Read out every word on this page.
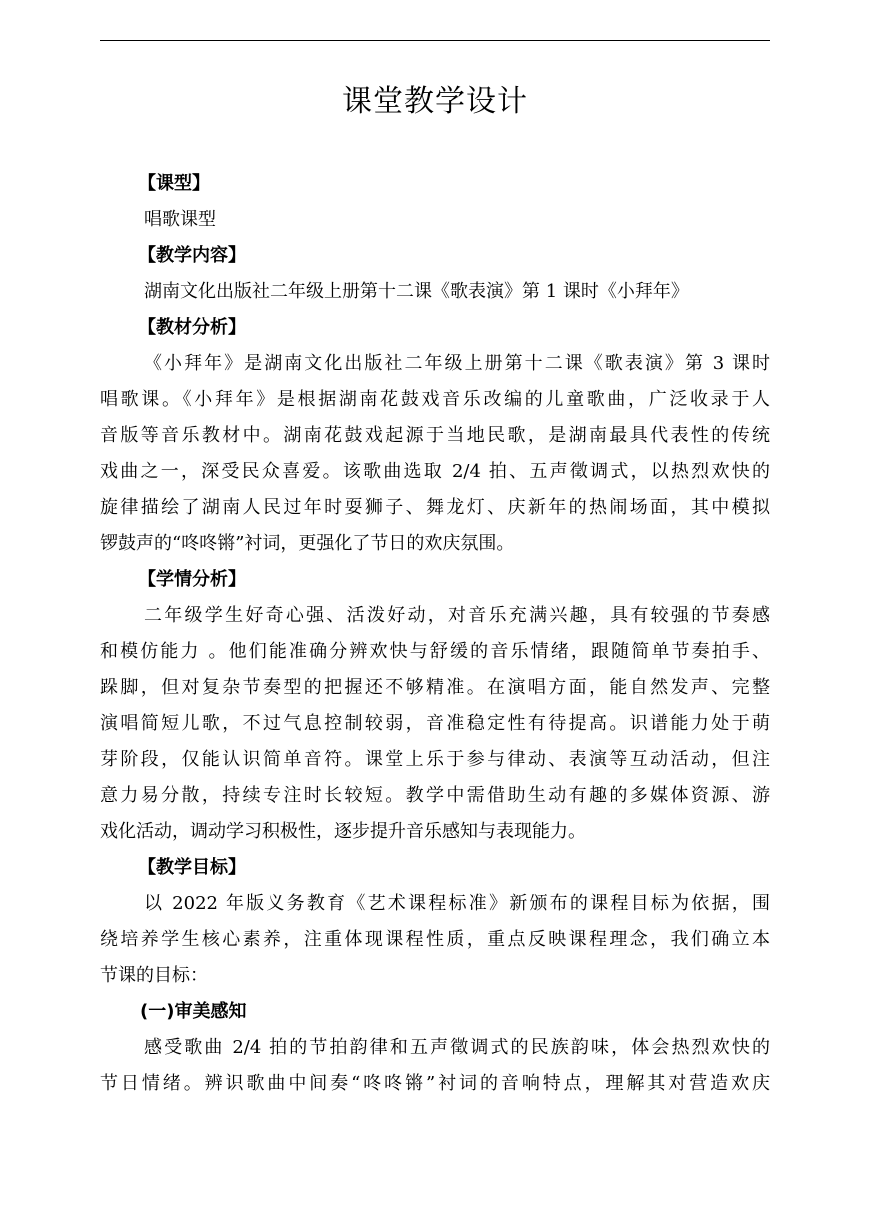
课堂教学设计
【课型】
唱歌课型
【教学内容】
湖南文化出版社二年级上册第十二课《歌表演》第 1 课时《小拜年》
【教材分析】
《小拜年》是湖南文化出版社二年级上册第十二课《歌表演》第 3 课时
唱歌课。《小拜年》是根据湖南花鼓戏音乐改编的儿童歌曲，广泛收录于人
音版等音乐教材中。湖南花鼓戏起源于当地民歌，是湖南最具代表性的传统
戏曲之一，深受民众喜爱。该歌曲选取 2/4 拍、五声徵调式，以热烈欢快的
旋律描绘了湖南人民过年时耍狮子、舞龙灯、庆新年的热闹场面，其中模拟
锣鼓声的“咚咚锵”衬词，更强化了节日的欢庆氛围。
【学情分析】
二年级学生好奇心强、活泼好动，对音乐充满兴趣，具有较强的节奏感
和模仿能力 。他们能准确分辨欢快与舒缓的音乐情绪，跟随简单节奏拍手、
跺脚，但对复杂节奏型的把握还不够精准。在演唱方面，能自然发声、完整
演唱简短儿歌，不过气息控制较弱，音准稳定性有待提高。识谱能力处于萌
芽阶段，仅能认识简单音符。课堂上乐于参与律动、表演等互动活动，但注
意力易分散，持续专注时长较短。教学中需借助生动有趣的多媒体资源、游
戏化活动，调动学习积极性，逐步提升音乐感知与表现能力。
【教学目标】
以 2022 年版义务教育《艺术课程标准》新颁布的课程目标为依据，围
绕培养学生核心素养，注重体现课程性质，重点反映课程理念，我们确立本
节课的目标：
(一)审美感知
感受歌曲 2/4 拍的节拍韵律和五声徵调式的民族韵味，体会热烈欢快的
节日情绪。辨识歌曲中间奏“咚咚锵”衬词的音响特点，理解其对营造欢庆
